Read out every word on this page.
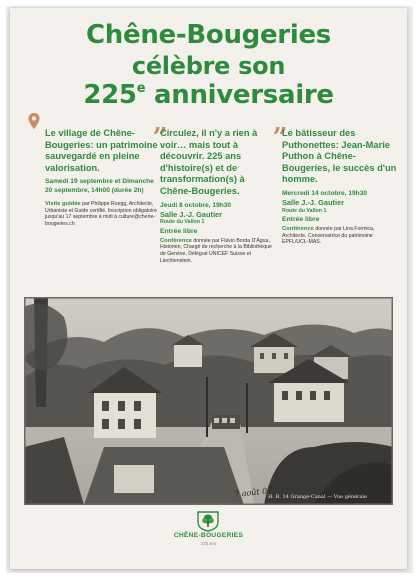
Chêne-Bougeries
célèbre son
225e anniversaire
„	„
Le village de Chêne-Bougeries: un patrimoine sauvegardé en pleine valorisation.
Samedi 19 septembre et Dimanche 20 septembre, 14h00 (durée 2h)
Visite guidée par Philippe Ruegg, Architecte, Urbaniste et Guide certifié. Inscription obligatoire jusqu'au 17 septembre à midi à culture@chene-bougeries.ch
Circulez, il n'y a rien à voir… mais tout à découvrir. 225 ans d'histoire(s) et de transformation(s) à Chêne-Bougeries.
Jeudi 8 octobre, 19h30
Salle J.-J. Gautier
Route du Vallon 1
Entrée libre
Conférence donnée par Flávio Borda D'Água, Historien, Chargé de recherche à la Bibliothèque de Genève, Délégué UNICEF Suisse et Liechtenstein.
Le bâtisseur des Puthonettes: Jean-Marie Puthon à Chêne-Bougeries, le succès d'un homme.
Mercredi 14 octobre, 19h30
Salle J.-J. Gautier
Route du Vallon 1
Entrée libre
Conférence donnée par Lina Formica, Architecte, Conservatrice du patrimoine EPFL/UCL-MAS.
H. B. 14 Grange-Canal — Vue générale
7 août 07
CHÊNE-BOUGERIES
225 ans
